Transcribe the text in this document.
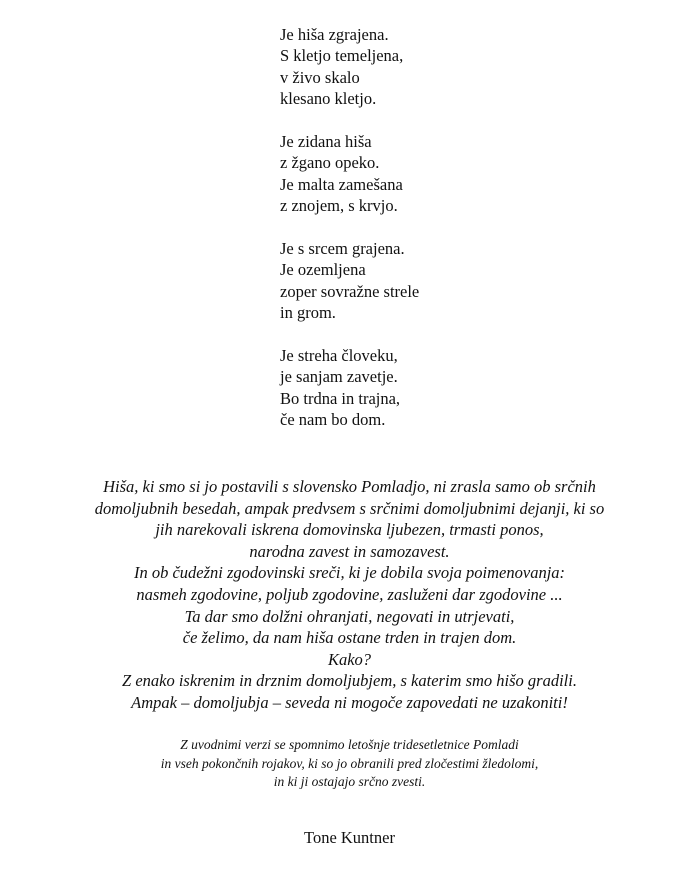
Je hiša zgrajena.
S kletjo temeljena,
v živo skalo
klesano kletjo.
Je zidana hiša
z žgano opeko.
Je malta zamešana
z znojem, s krvjo.
Je s srcem grajena.
Je ozemljena
zoper sovražne strele
in grom.
Je streha človeku,
je sanjam zavetje.
Bo trdna in trajna,
če nam bo dom.
Hiša, ki smo si jo postavili s slovensko Pomladjo, ni zrasla samo ob srčnih
domoljubnih besedah, ampak predvsem s srčnimi domoljubnimi dejanji, ki so
jih narekovali iskrena domovinska ljubezen, trmasti ponos,
narodna zavest in samozavest.
In ob čudežni zgodovinski sreči, ki je dobila svoja poimenovanja:
nasmeh zgodovine, poljub zgodovine, zasluženi dar zgodovine ...
Ta dar smo dolžni ohranjati, negovati in utrjevati,
če želimo, da nam hiša ostane trden in trajen dom.
Kako?
Z enako iskrenim in drznim domoljubjem, s katerim smo hišo gradili.
Ampak – domoljubja – seveda ni mogoče zapovedati ne uzakoniti!
Z uvodnimi verzi se spomnimo letošnje tridesetletnice Pomladi
in vseh pokončnih rojakov, ki so jo obranili pred zločestimi žledolomi,
in ki ji ostajajo srčno zvesti.
Tone Kuntner
